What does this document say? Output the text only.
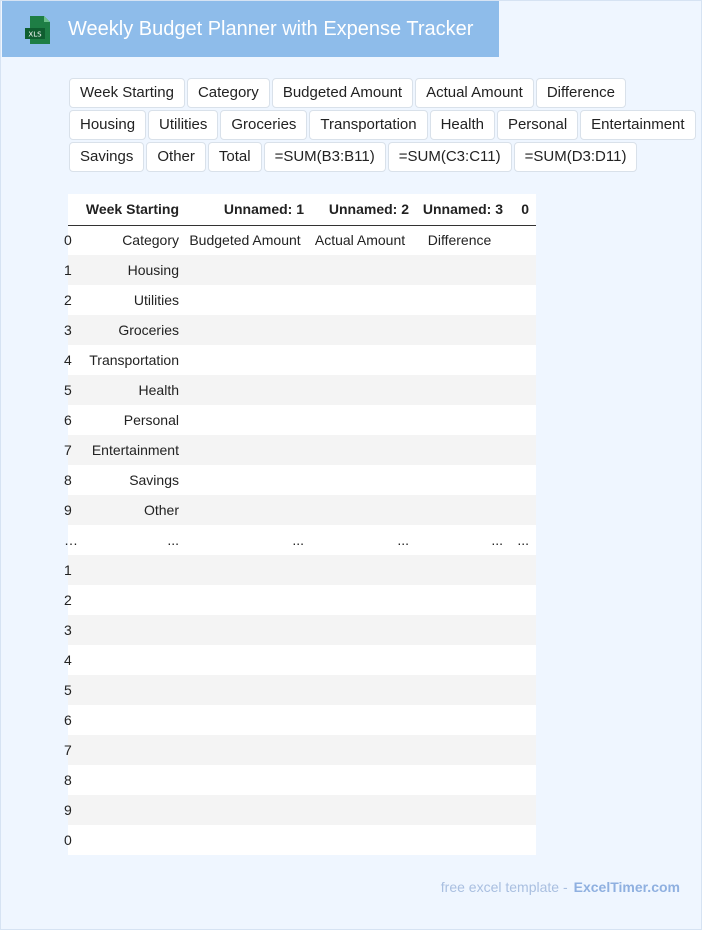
XLS Weekly Budget Planner with Expense Tracker
Week Starting	Category	Budgeted Amount	Actual Amount	Difference
Housing	Utilities	Groceries	Transportation	Health	Personal	Entertainment
Savings	Other	Total	=SUM(B3:B11)	=SUM(C3:C11)	=SUM(D3:D11)
	Week Starting	Unnamed: 1	Unnamed: 2	Unnamed: 3	0
0	Category	Budgeted Amount	Actual Amount	Difference	
1	Housing				
2	Utilities				
3	Groceries				
4	Transportation				
5	Health				
6	Personal				
7	Entertainment				
8	Savings				
9	Other				
…	...	...	...	...	...
1					
2					
3					
4					
5					
6					
7					
8					
9					
0					
free excel template - ExcelTimer.com
